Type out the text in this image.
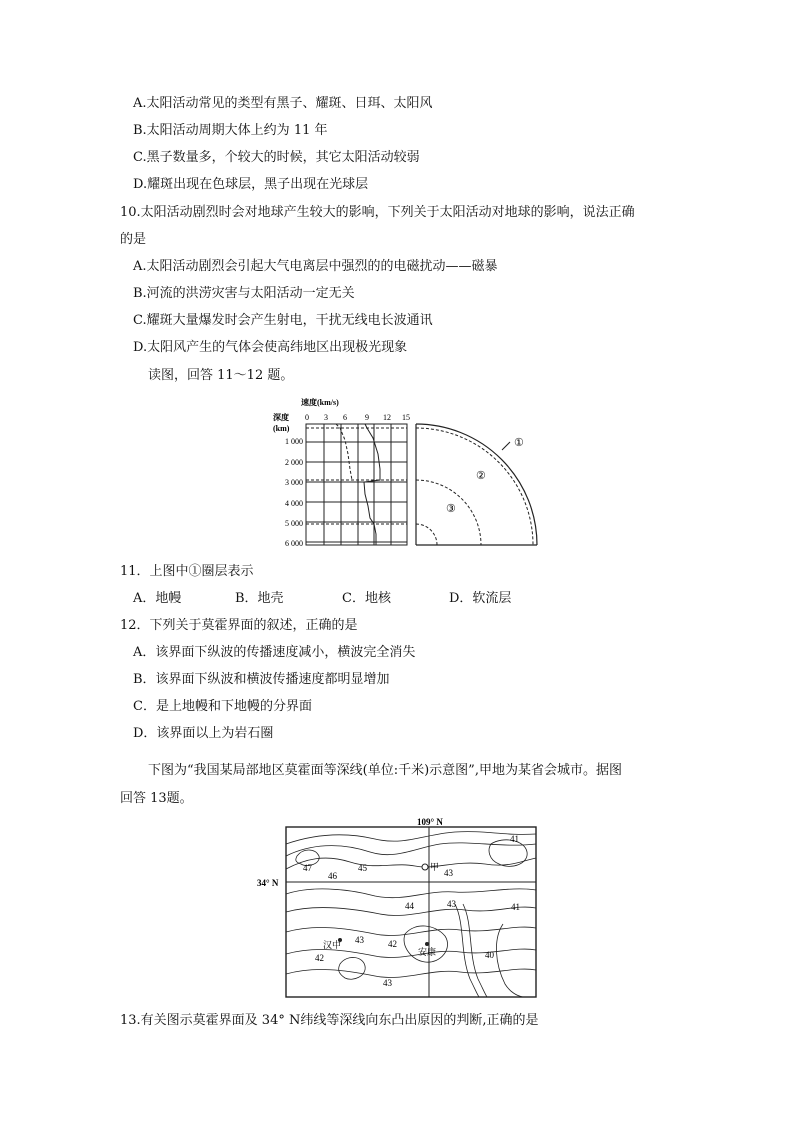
A.太阳活动常见的类型有黑子、耀斑、日珥、太阳风
B.太阳活动周期大体上约为 11 年
C.黑子数量多，个较大的时候，其它太阳活动较弱
D.耀斑出现在色球层，黑子出现在光球层
10.太阳活动剧烈时会对地球产生较大的影响，下列关于太阳活动对地球的影响，说法正确
的是
A.太阳活动剧烈会引起大气电离层中强烈的的电磁扰动——磁暴
B.河流的洪涝灾害与太阳活动一定无关
C.耀斑大量爆发时会产生射电，干扰无线电长波通讯
D.太阳风产生的气体会使高纬地区出现极光现象
读图，回答 11～12 题。
速度(km/s)
深度
(km)
0 3 6 9 12 15
1 000
2 000
3 000
4 000
5 000
6 000
①
②
③
11．上图中①圈层表示
A．地幔	B．地壳	C．地核	D．软流层
12．下列关于莫霍界面的叙述，正确的是
A．该界面下纵波的传播速度减小，横波完全消失
B．该界面下纵波和横波传播速度都明显增加
C．是上地幔和下地幔的分界面
D．该界面以上为岩石圈
下图为“我国某局部地区莫霍面等深线(单位:千米)示意图”,甲地为某省会城市。据图
回答 13题。
109° N
34° N
41
47	45
46	43
44	41
43
42
42	40
43
43
甲
汉中
安康
13.有关图示莫霍界面及 34° N纬线等深线向东凸出原因的判断,正确的是
